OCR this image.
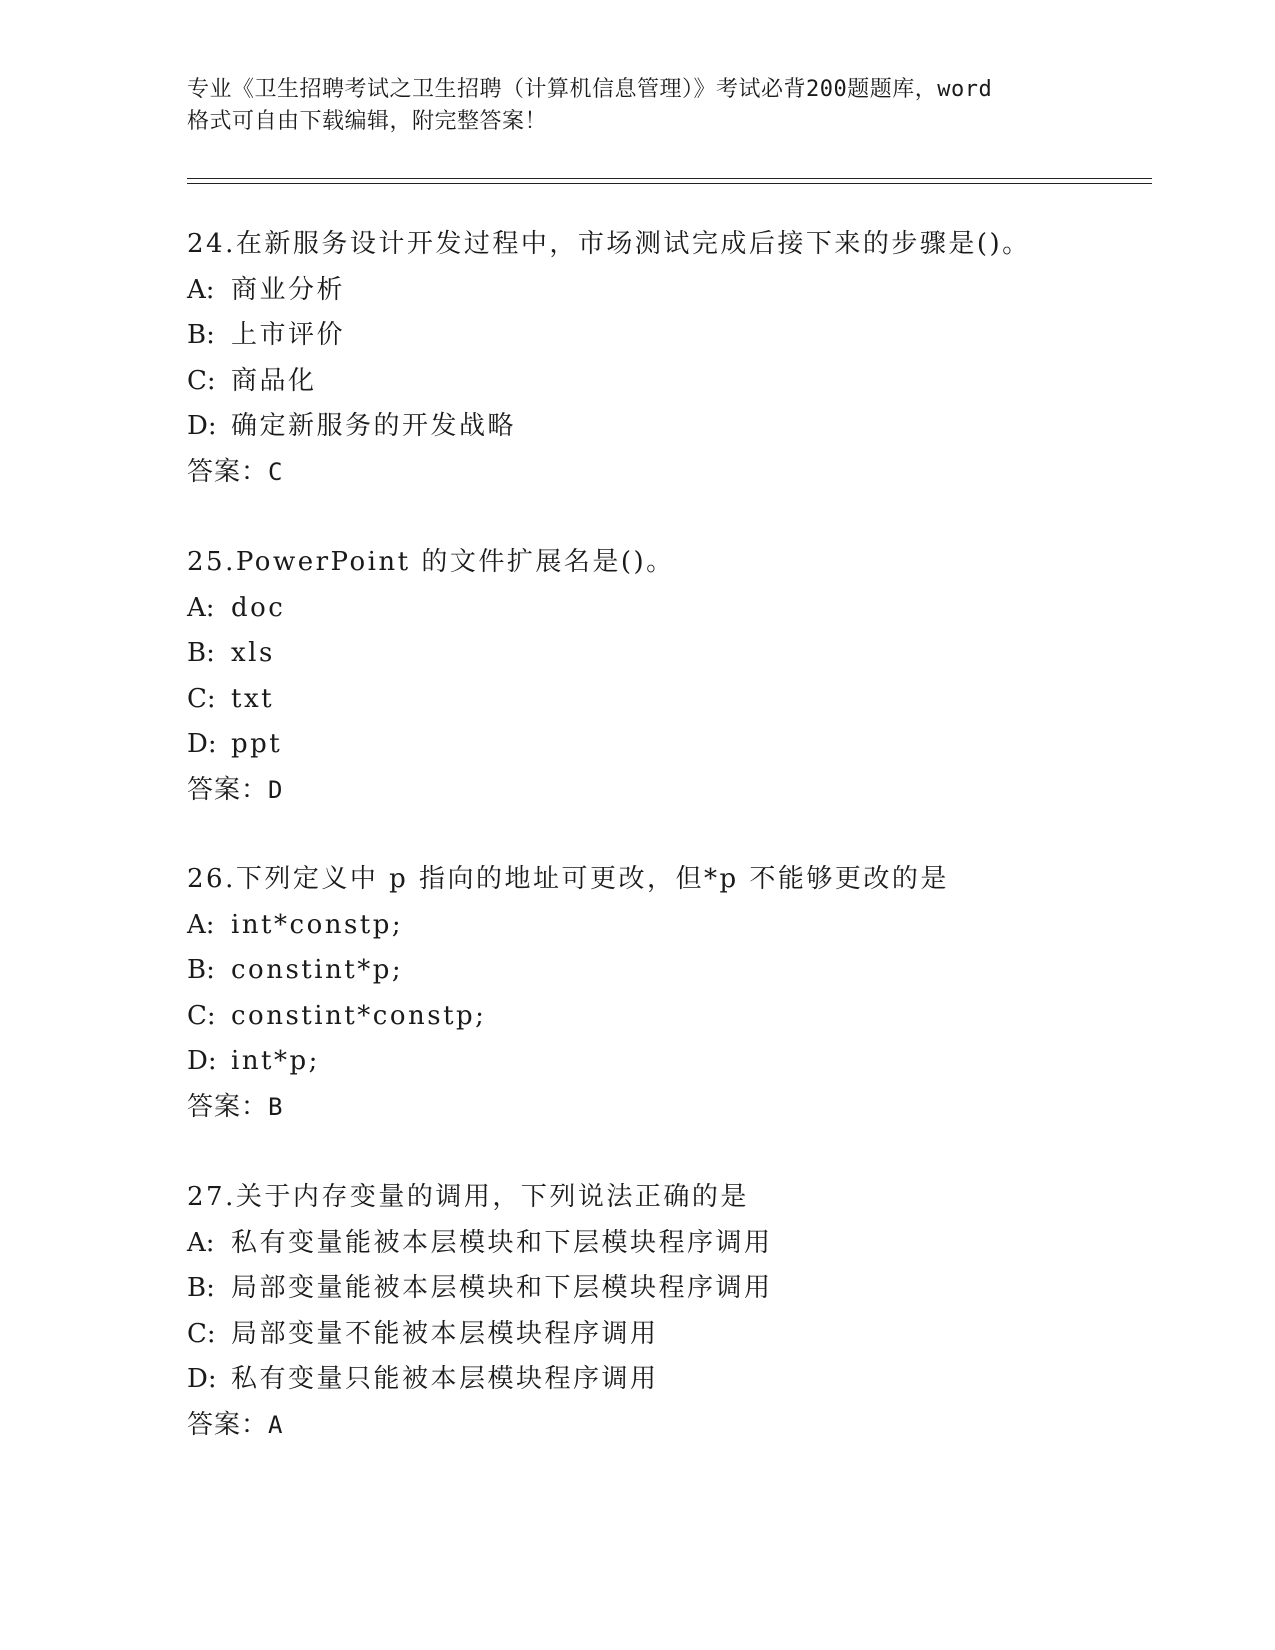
专业《卫生招聘考试之卫生招聘（计算机信息管理）》考试必背200题题库，word
格式可自由下载编辑，附完整答案！
24.在新服务设计开发过程中，市场测试完成后接下来的步骤是()。
A: 商业分析
B: 上市评价
C: 商品化
D: 确定新服务的开发战略
答案：C
25.PowerPoint 的文件扩展名是()。
A: doc
B: xls
C: txt
D: ppt
答案：D
26.下列定义中 p 指向的地址可更改，但*p 不能够更改的是
A: int*constp;
B: constint*p;
C: constint*constp;
D: int*p;
答案：B
27.关于内存变量的调用，下列说法正确的是
A: 私有变量能被本层模块和下层模块程序调用
B: 局部变量能被本层模块和下层模块程序调用
C: 局部变量不能被本层模块程序调用
D: 私有变量只能被本层模块程序调用
答案：A
